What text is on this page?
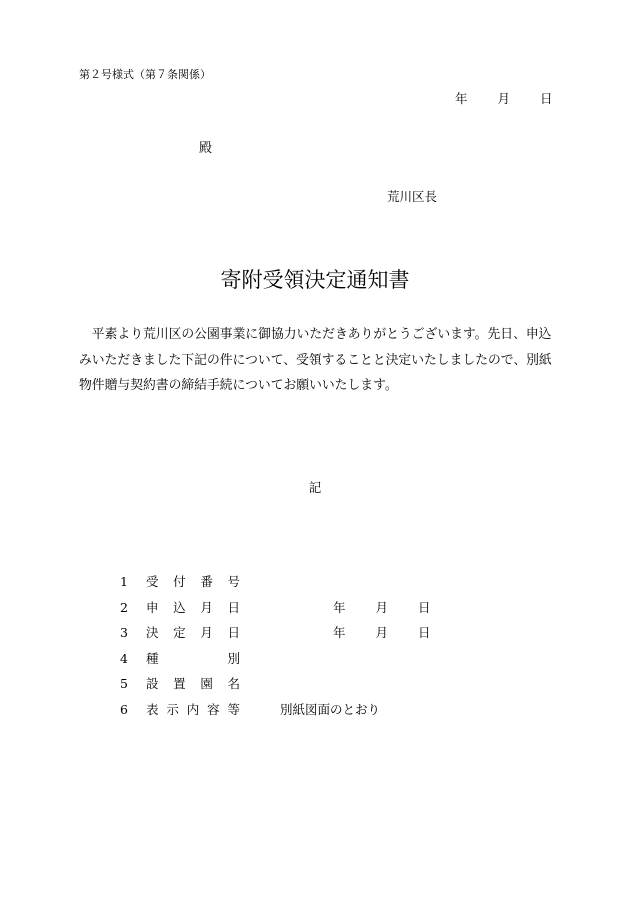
第２号様式（第７条関係）
年 月 日
殿
荒川区長
寄附受領決定通知書

平素より荒川区の公園事業に御協力いただきありがとうございます。先日、申込みいただきました下記の件について、受領することと決定いたしましたので、別紙物件贈与契約書の締結手続についてお願いいたします。

記
1	受 付 番 号
2	申 込 月 日	年 月 日
3	決 定 月 日	年 月 日
4	種	別
5	設 置 園 名
6	表 示 内 容 等	別紙図面のとおり
